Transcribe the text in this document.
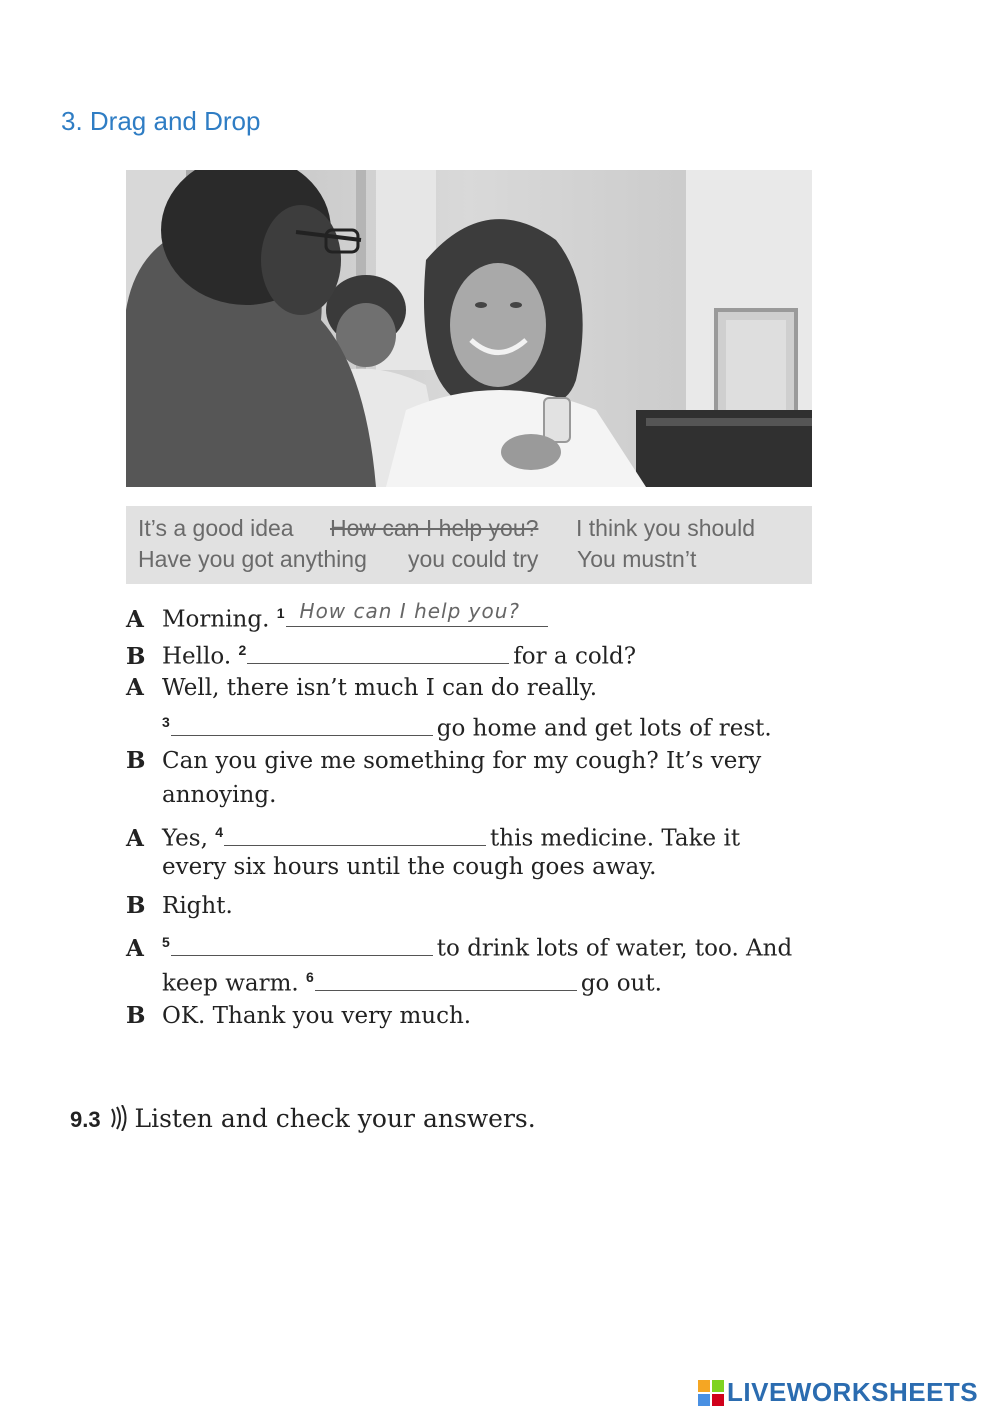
3. Drag and Drop
It’s a good idea How can I help you? I think you should
Have you got anything you could try You mustn’t
A Morning. $^1$ How can I help you?
B Hello. $^2$	for a cold?
A Well, there isn’t much I can do really.
$^3$	go home and get lots of rest.
B Can you give me something for my cough? It’s very
annoying.
A Yes, $^4$	this medicine. Take it
every six hours until the cough goes away.
B Right.
A $^5$	to drink lots of water, too. And
keep warm. $^6$	go out.
B OK. Thank you very much.
9.3 Listen and check your answers.
LIVEWORKSHEETS
